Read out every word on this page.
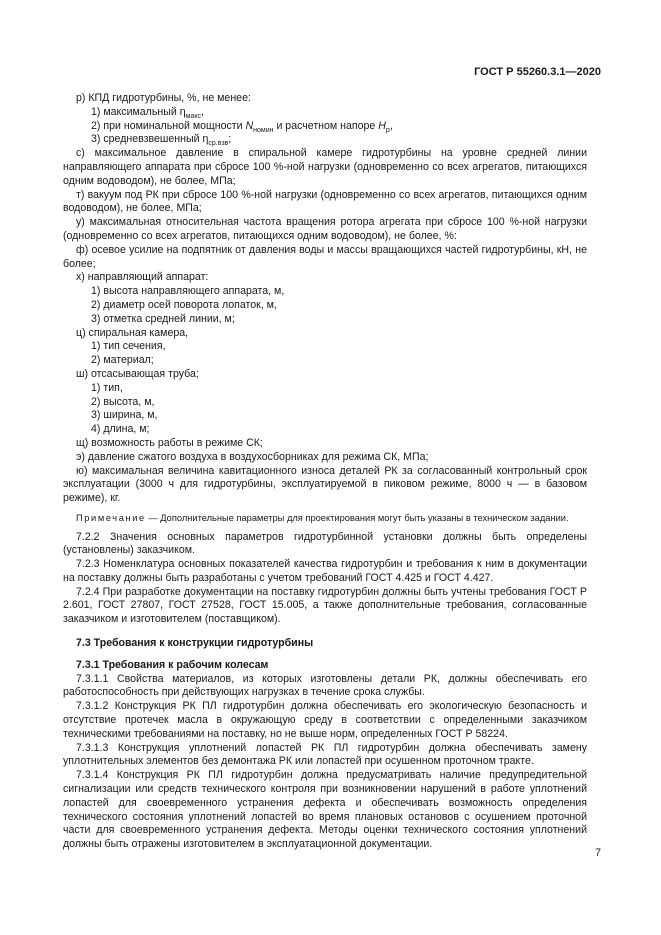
ГОСТ Р 55260.3.1—2020

р) КПД гидротурбины, %, не менее:

1) максимальный $\eta_{макс}$,

2) при номинальной мощности $N_{номин}$ и расчетном напоре $H_р$,

3) средневзвешенный $\eta_{ср.взв}$;

с) максимальное давление в спиральной камере гидротурбины на уровне средней линии направляющего аппарата при сбросе 100 %-ной нагрузки (одновременно со всех агрегатов, питающихся одним водоводом), не более, МПа;

т) вакуум под РК при сбросе 100 %-ной нагрузки (одновременно со всех агрегатов, питающихся одним водоводом), не более, МПа;

у) максимальная относительная частота вращения ротора агрегата при сбросе 100 %-ной нагрузки (одновременно со всех агрегатов, питающихся одним водоводом), не более, %:

ф) осевое усилие на подпятник от давления воды и массы вращающихся частей гидротурбины, кН, не более;

х) направляющий аппарат:

1) высота направляющего аппарата, м,

2) диаметр осей поворота лопаток, м,

3) отметка средней линии, м;

ц) спиральная камера,

1) тип сечения,

2) материал;

ш) отсасывающая труба;

1) тип,

2) высота, м,

3) ширина, м,

4) длина, м;

щ) возможность работы в режиме СК;

э) давление сжатого воздуха в воздухосборниках для режима СК, МПа;

ю) максимальная величина кавитационного износа деталей РК за согласованный контрольный срок эксплуатации (3000 ч для гидротурбины, эксплуатируемой в пиковом режиме, 8000 ч — в базовом режиме), кг.

Примечание — Дополнительные параметры для проектирования могут быть указаны в техническом задании.

7.2.2 Значения основных параметров гидротурбинной установки должны быть определены (установлены) заказчиком.

7.2.3 Номенклатура основных показателей качества гидротурбин и требования к ним в документации на поставку должны быть разработаны с учетом требований ГОСТ 4.425 и ГОСТ 4.427.

7.2.4 При разработке документации на поставку гидротурбин должны быть учтены требования ГОСТ Р 2.601, ГОСТ 27807, ГОСТ 27528, ГОСТ 15.005, а также дополнительные требования, согласованные заказчиком и изготовителем (поставщиком).

7.3 Требования к конструкции гидротурбины

7.3.1 Требования к рабочим колесам

7.3.1.1 Свойства материалов, из которых изготовлены детали РК, должны обеспечивать его работоспособность при действующих нагрузках в течение срока службы.

7.3.1.2 Конструкция РК ПЛ гидротурбин должна обеспечивать его экологическую безопасность и отсутствие протечек масла в окружающую среду в соответствии с определенными заказчиком техническими требованиями на поставку, но не выше норм, определенных ГОСТ Р 58224.

7.3.1.3 Конструкция уплотнений лопастей РК ПЛ гидротурбин должна обеспечивать замену уплотнительных элементов без демонтажа РК или лопастей при осушенном проточном тракте.

7.3.1.4 Конструкция РК ПЛ гидротурбин должна предусматривать наличие предупредительной сигнализации или средств технического контроля при возникновении нарушений в работе уплотнений лопастей для своевременного устранения дефекта и обеспечивать возможность определения технического состояния уплотнений лопастей во время плановых остановов с осушением проточной части для своевременного устранения дефекта. Методы оценки технического состояния уплотнений должны быть отражены изготовителем в эксплуатационной документации.

7
